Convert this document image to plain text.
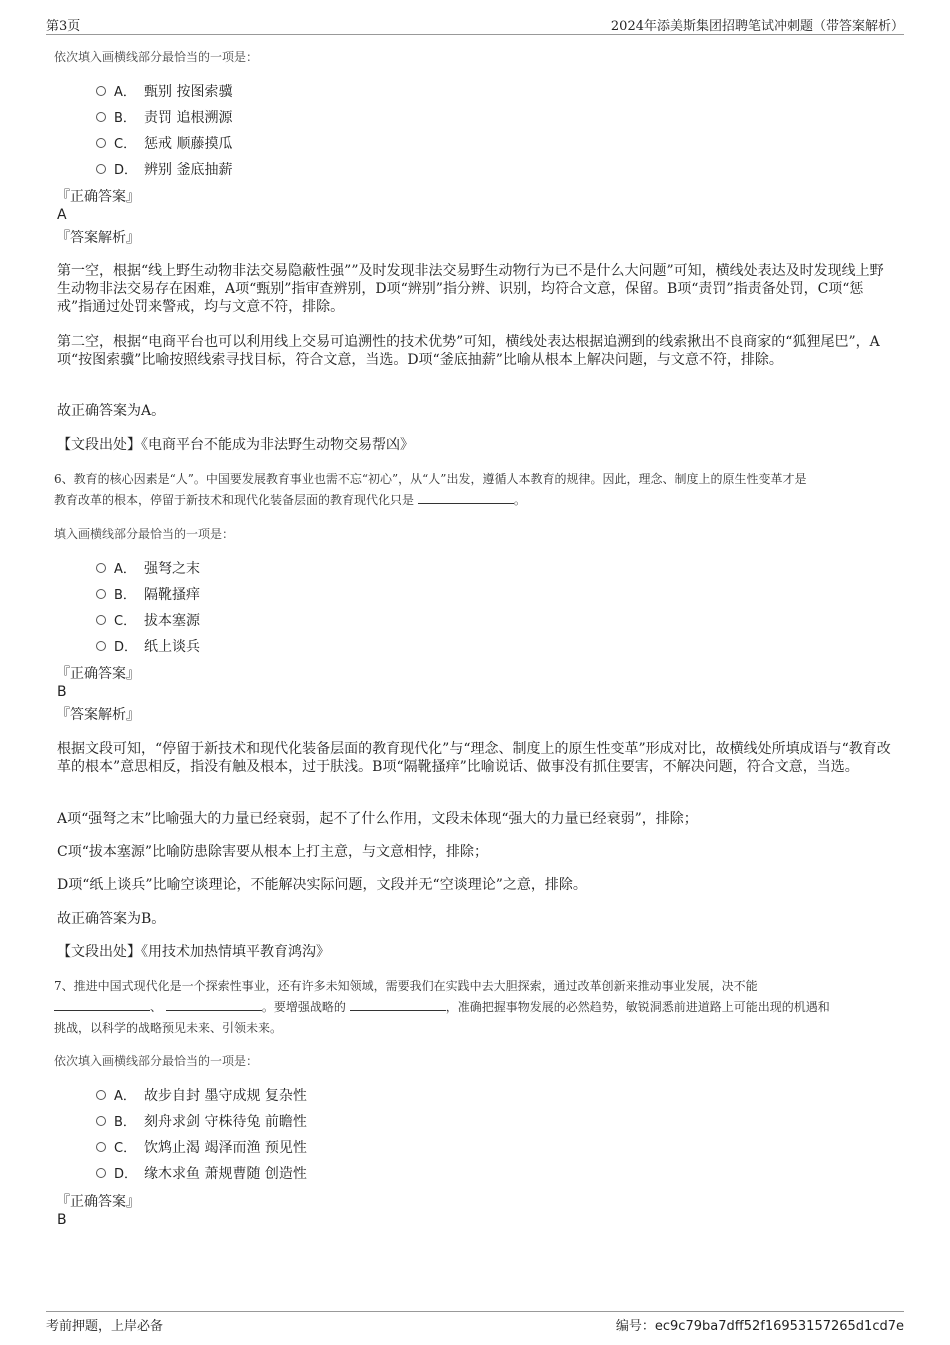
第3页	2024年添美斯集团招聘笔试冲刺题（带答案解析）
依次填入画横线部分最恰当的一项是：
A． 甄别 按图索骥
B． 责罚 追根溯源
C． 惩戒 顺藤摸瓜
D． 辨别 釜底抽薪
『正确答案』
A
『答案解析』
第一空，根据“线上野生动物非法交易隐蔽性强””及时发现非法交易野生动物行为已不是什么大问题”可知，横线处表达及时发现线上野生动物非法交易存在困难，A项“甄别”指审查辨别，D项“辨别”指分辨、识别，均符合文意，保留。B项“责罚”指责备处罚，C项“惩戒”指通过处罚来警戒，均与文意不符，排除。
第二空，根据“电商平台也可以利用线上交易可追溯性的技术优势”可知，横线处表达根据追溯到的线索揪出不良商家的“狐狸尾巴”，A项“按图索骥”比喻按照线索寻找目标，符合文意，当选。D项“釜底抽薪”比喻从根本上解决问题，与文意不符，排除。
故正确答案为A。
【文段出处】《电商平台不能成为非法野生动物交易帮凶》
6、教育的核心因素是“人”。中国要发展教育事业也需不忘“初心”，从“人”出发，遵循人本教育的规律。因此，理念、制度上的原生性变革才是
教育改革的根本，停留于新技术和现代化装备层面的教育现代化只是	。
填入画横线部分最恰当的一项是：
A． 强弩之末
B． 隔靴搔痒
C． 拔本塞源
D． 纸上谈兵
『正确答案』
B
『答案解析』
根据文段可知，“停留于新技术和现代化装备层面的教育现代化”与“理念、制度上的原生性变革”形成对比，故横线处所填成语与“教育改革的根本”意思相反，指没有触及根本，过于肤浅。B项“隔靴搔痒”比喻说话、做事没有抓住要害，不解决问题，符合文意，当选。
A项“强弩之末”比喻强大的力量已经衰弱，起不了什么作用，文段未体现“强大的力量已经衰弱”，排除；
C项“拔本塞源”比喻防患除害要从根本上打主意，与文意相悖，排除；
D项“纸上谈兵”比喻空谈理论，不能解决实际问题，文段并无“空谈理论”之意，排除。
故正确答案为B。
【文段出处】《用技术加热情填平教育鸿沟》
7、推进中国式现代化是一个探索性事业，还有许多未知领域，需要我们在实践中去大胆探索，通过改革创新来推动事业发展，决不能
、	。要增强战略的	，准确把握事物发展的必然趋势，敏锐洞悉前进道路上可能出现的机遇和
挑战，以科学的战略预见未来、引领未来。
依次填入画横线部分最恰当的一项是：
A． 故步自封 墨守成规 复杂性
B． 刻舟求剑 守株待兔 前瞻性
C． 饮鸩止渴 竭泽而渔 预见性
D． 缘木求鱼 萧规曹随 创造性
『正确答案』
B
考前押题，上岸必备	编号：ec9c79ba7dff52f16953157265d1cd7e
